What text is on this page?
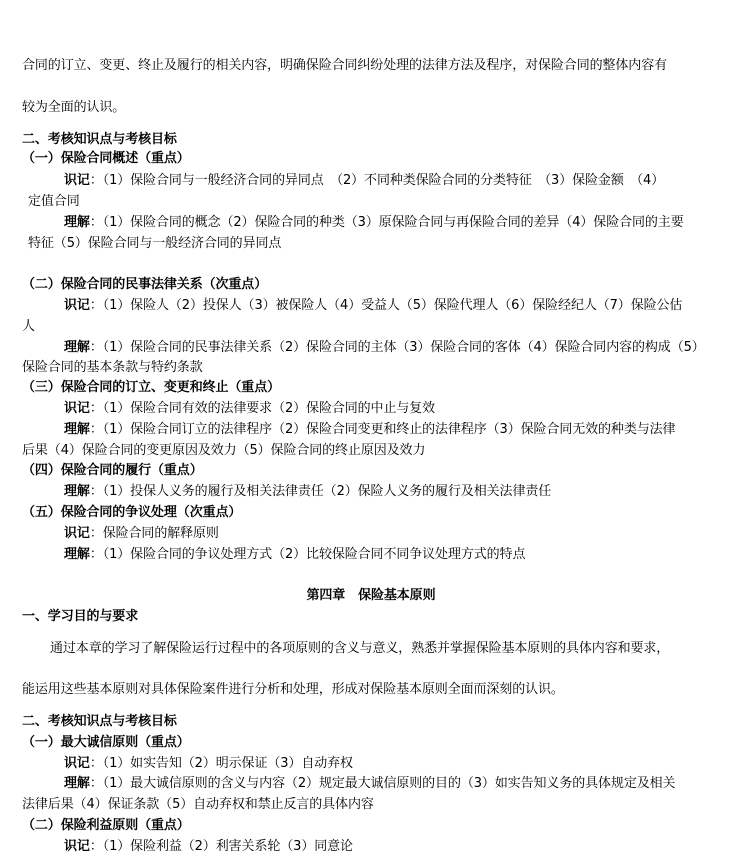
合同的订立、变更、终止及履行的相关内容，明确保险合同纠纷处理的法律方法及程序，对保险合同的整体内容有
较为全面的认识。
二、考核知识点与考核目标
（一）保险合同概述（重点）
识记：（1）保险合同与一般经济合同的异同点　（2）不同种类保险合同的分类特征　（3）保险金额　（4）
定值合同
理解：（1）保险合同的概念（2）保险合同的种类（3）原保险合同与再保险合同的差异（4）保险合同的主要
特征（5）保险合同与一般经济合同的异同点
（二）保险合同的民事法律关系（次重点）
识记：（1）保险人（2）投保人（3）被保险人（4）受益人（5）保险代理人（6）保险经纪人（7）保险公估
人
理解：（1）保险合同的民事法律关系（2）保险合同的主体（3）保险合同的客体（4）保险合同内容的构成（5）
保险合同的基本条款与特约条款
（三）保险合同的订立、变更和终止（重点）
识记：（1）保险合同有效的法律要求（2）保险合同的中止与复效
理解：（1）保险合同订立的法律程序（2）保险合同变更和终止的法律程序（3）保险合同无效的种类与法律
后果（4）保险合同的变更原因及效力（5）保险合同的终止原因及效力
（四）保险合同的履行（重点）
理解：（1）投保人义务的履行及相关法律责任（2）保险人义务的履行及相关法律责任
（五）保险合同的争议处理（次重点）
识记：保险合同的解释原则
理解：（1）保险合同的争议处理方式（2）比较保险合同不同争议处理方式的特点
第四章　保险基本原则
一、学习目的与要求
通过本章的学习了解保险运行过程中的各项原则的含义与意义，熟悉并掌握保险基本原则的具体内容和要求，
能运用这些基本原则对具体保险案件进行分析和处理，形成对保险基本原则全面而深刻的认识。
二、考核知识点与考核目标
（一）最大诚信原则（重点）
识记：（1）如实告知（2）明示保证（3）自动弃权
理解：（1）最大诚信原则的含义与内容（2）规定最大诚信原则的目的（3）如实告知义务的具体规定及相关
法律后果（4）保证条款（5）自动弃权和禁止反言的具体内容
（二）保险利益原则（重点）
识记：（1）保险利益（2）利害关系轮（3）同意论
